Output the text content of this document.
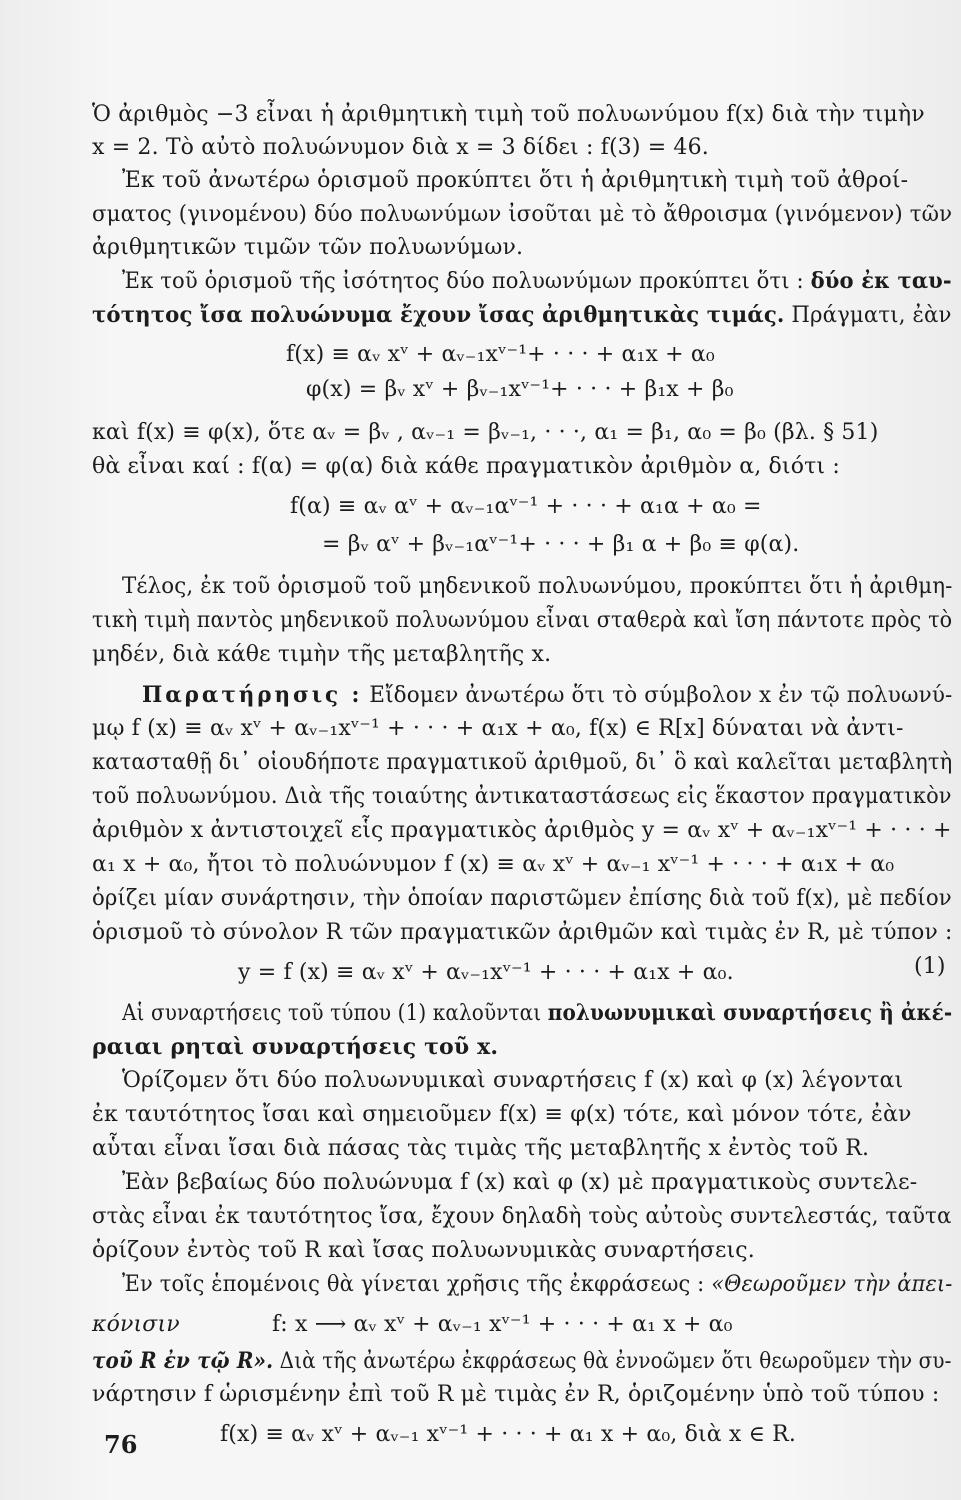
Ὁ ἀριθμὸς −3 εἶναι ἡ ἀριθμητικὴ τιμὴ τοῦ πολυωνύμου f(x) διὰ τὴν τιμὴν
x = 2. Τὸ αὐτὸ πολυώνυμον διὰ x = 3 δίδει : f(3) = 46.
Ἐκ τοῦ ἀνωτέρω ὁρισμοῦ προκύπτει ὅτι ἡ ἀριθμητικὴ τιμὴ τοῦ ἀθροί-
σματος (γινομένου) δύο πολυωνύμων ἰσοῦται μὲ τὸ ἄθροισμα (γινόμενον) τῶν
ἀριθμητικῶν τιμῶν τῶν πολυωνύμων.
Ἐκ τοῦ ὁρισμοῦ τῆς ἰσότητος δύο πολυωνύμων προκύπτει ὅτι : δύο ἐκ ταυ-
τότητος ἴσα πολυώνυμα ἔχουν ἴσας ἀριθμητικὰς τιμάς. Πράγματι, ἐὰν
f(x) ≡ αᵥ xᵛ + αᵥ₋₁xᵛ⁻¹+ · · · + α₁x + α₀
φ(x) = βᵥ xᵛ + βᵥ₋₁xᵛ⁻¹+ · · · + β₁x + β₀
καὶ f(x) ≡ φ(x), ὅτε αᵥ = βᵥ , αᵥ₋₁ = βᵥ₋₁, · · ·, α₁ = β₁, α₀ = β₀ (βλ. § 51)
θὰ εἶναι καί : f(α) = φ(α) διὰ κάθε πραγματικὸν ἀριθμὸν α, διότι :
f(α) ≡ αᵥ αᵛ + αᵥ₋₁αᵛ⁻¹ + · · · + α₁α + α₀ =
= βᵥ αᵛ + βᵥ₋₁αᵛ⁻¹+ · · · + β₁ α + β₀ ≡ φ(α).
Τέλος, ἐκ τοῦ ὁρισμοῦ τοῦ μηδενικοῦ πολυωνύμου, προκύπτει ὅτι ἡ ἀριθμη-
τικὴ τιμὴ παντὸς μηδενικοῦ πολυωνύμου εἶναι σταθερὰ καὶ ἴση πάντοτε πρὸς τὸ
μηδέν, διὰ κάθε τιμὴν τῆς μεταβλητῆς x.
Παρατήρησις : Εἴδομεν ἀνωτέρω ὅτι τὸ σύμβολον x ἐν τῷ πολυωνύ-
μῳ f (x) ≡ αᵥ xᵛ + αᵥ₋₁xᵛ⁻¹ + · · · + α₁x + α₀, f(x) ∈ R[x] δύναται νὰ ἀντι-
κατασταθῇ δι᾽ οἱουδήποτε πραγματικοῦ ἀριθμοῦ, δι᾽ ὃ καὶ καλεῖται μεταβλητὴ
τοῦ πολυωνύμου. Διὰ τῆς τοιαύτης ἀντικαταστάσεως εἰς ἕκαστον πραγματικὸν
ἀριθμὸν x ἀντιστοιχεῖ εἷς πραγματικὸς ἀριθμὸς y = αᵥ xᵛ + αᵥ₋₁xᵛ⁻¹ + · · · +
α₁ x + α₀, ἤτοι τὸ πολυώνυμον f (x) ≡ αᵥ xᵛ + αᵥ₋₁ xᵛ⁻¹ + · · · + α₁x + α₀
ὁρίζει μίαν συνάρτησιν, τὴν ὁποίαν παριστῶμεν ἐπίσης διὰ τοῦ f(x), μὲ πεδίον
ὁρισμοῦ τὸ σύνολον R τῶν πραγματικῶν ἀριθμῶν καὶ τιμὰς ἐν R, μὲ τύπον :
y = f (x) ≡ αᵥ xᵛ + αᵥ₋₁xᵛ⁻¹ + · · · + α₁x + α₀.	(1)
Αἱ συναρτήσεις τοῦ τύπου (1) καλοῦνται πολυωνυμικαὶ συναρτήσεις ἢ ἀκέ-
ραιαι ρηταὶ συναρτήσεις τοῦ x.
Ὁρίζομεν ὅτι δύο πολυωνυμικαὶ συναρτήσεις f (x) καὶ φ (x) λέγονται
ἐκ ταυτότητος ἴσαι καὶ σημειοῦμεν f(x) ≡ φ(x) τότε, καὶ μόνον τότε, ἐὰν
αὗται εἶναι ἴσαι διὰ πάσας τὰς τιμὰς τῆς μεταβλητῆς x ἐντὸς τοῦ R.
Ἐὰν βεβαίως δύο πολυώνυμα f (x) καὶ φ (x) μὲ πραγματικοὺς συντελε-
στὰς εἶναι ἐκ ταυτότητος ἴσα, ἔχουν δηλαδὴ τοὺς αὐτοὺς συντελεστάς, ταῦτα
ὁρίζουν ἐντὸς τοῦ R καὶ ἴσας πολυωνυμικὰς συναρτήσεις.
Ἐν τοῖς ἑπομένοις θὰ γίνεται χρῆσις τῆς ἐκφράσεως : «Θεωροῦμεν τὴν ἀπει-
κόνισιν	f: x ⟶ αᵥ xᵛ + αᵥ₋₁ xᵛ⁻¹ + · · · + α₁ x + α₀
τοῦ R ἐν τῷ R». Διὰ τῆς ἀνωτέρω ἐκφράσεως θὰ ἐννοῶμεν ὅτι θεωροῦμεν τὴν συ-
νάρτησιν f ὡρισμένην ἐπὶ τοῦ R μὲ τιμὰς ἐν R, ὁριζομένην ὑπὸ τοῦ τύπου :
f(x) ≡ αᵥ xᵛ + αᵥ₋₁ xᵛ⁻¹ + · · · + α₁ x + α₀, διὰ x ∈ R.
76
